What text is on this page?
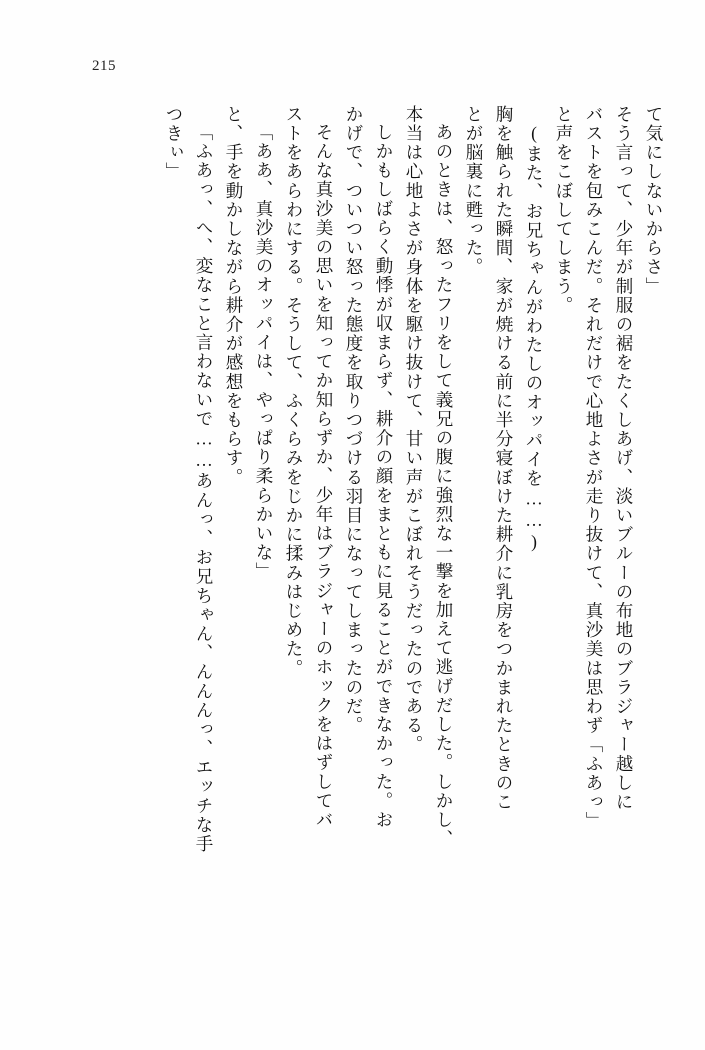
215
て気にしないからさ」
そう言って、少年が制服の裾をたくしあげ、淡いブルーの布地のブラジャー越しに
バストを包みこんだ。それだけで心地よさが走り抜けて、真沙美は思わず「ふあっ」
と声をこぼしてしまう。
(また、お兄ちゃんがわたしのオッパイを……)
胸を触られた瞬間、家が焼ける前に半分寝ぼけた耕介に乳房をつかまれたときのこ
とが脳裏に甦った。
あのときは、怒ったフリをして義兄の腹に強烈な一撃を加えて逃げだした。しかし、
本当は心地よさが身体を駆け抜けて、甘い声がこぼれそうだったのである。
しかもしばらく動悸が収まらず、耕介の顔をまともに見ることができなかった。お
かげで、ついつい怒った態度を取りつづける羽目になってしまったのだ。
そんな真沙美の思いを知ってか知らずか、少年はブラジャーのホックをはずしてバ
ストをあらわにする。そうして、ふくらみをじかに揉みはじめた。
「ああ、真沙美のオッパイは、やっぱり柔らかいな」
と、手を動かしながら耕介が感想をもらす。
「ふあっ、へ、変なこと言わないで……あんっ、お兄ちゃん、んんんっ、エッチな手
つきぃ」
